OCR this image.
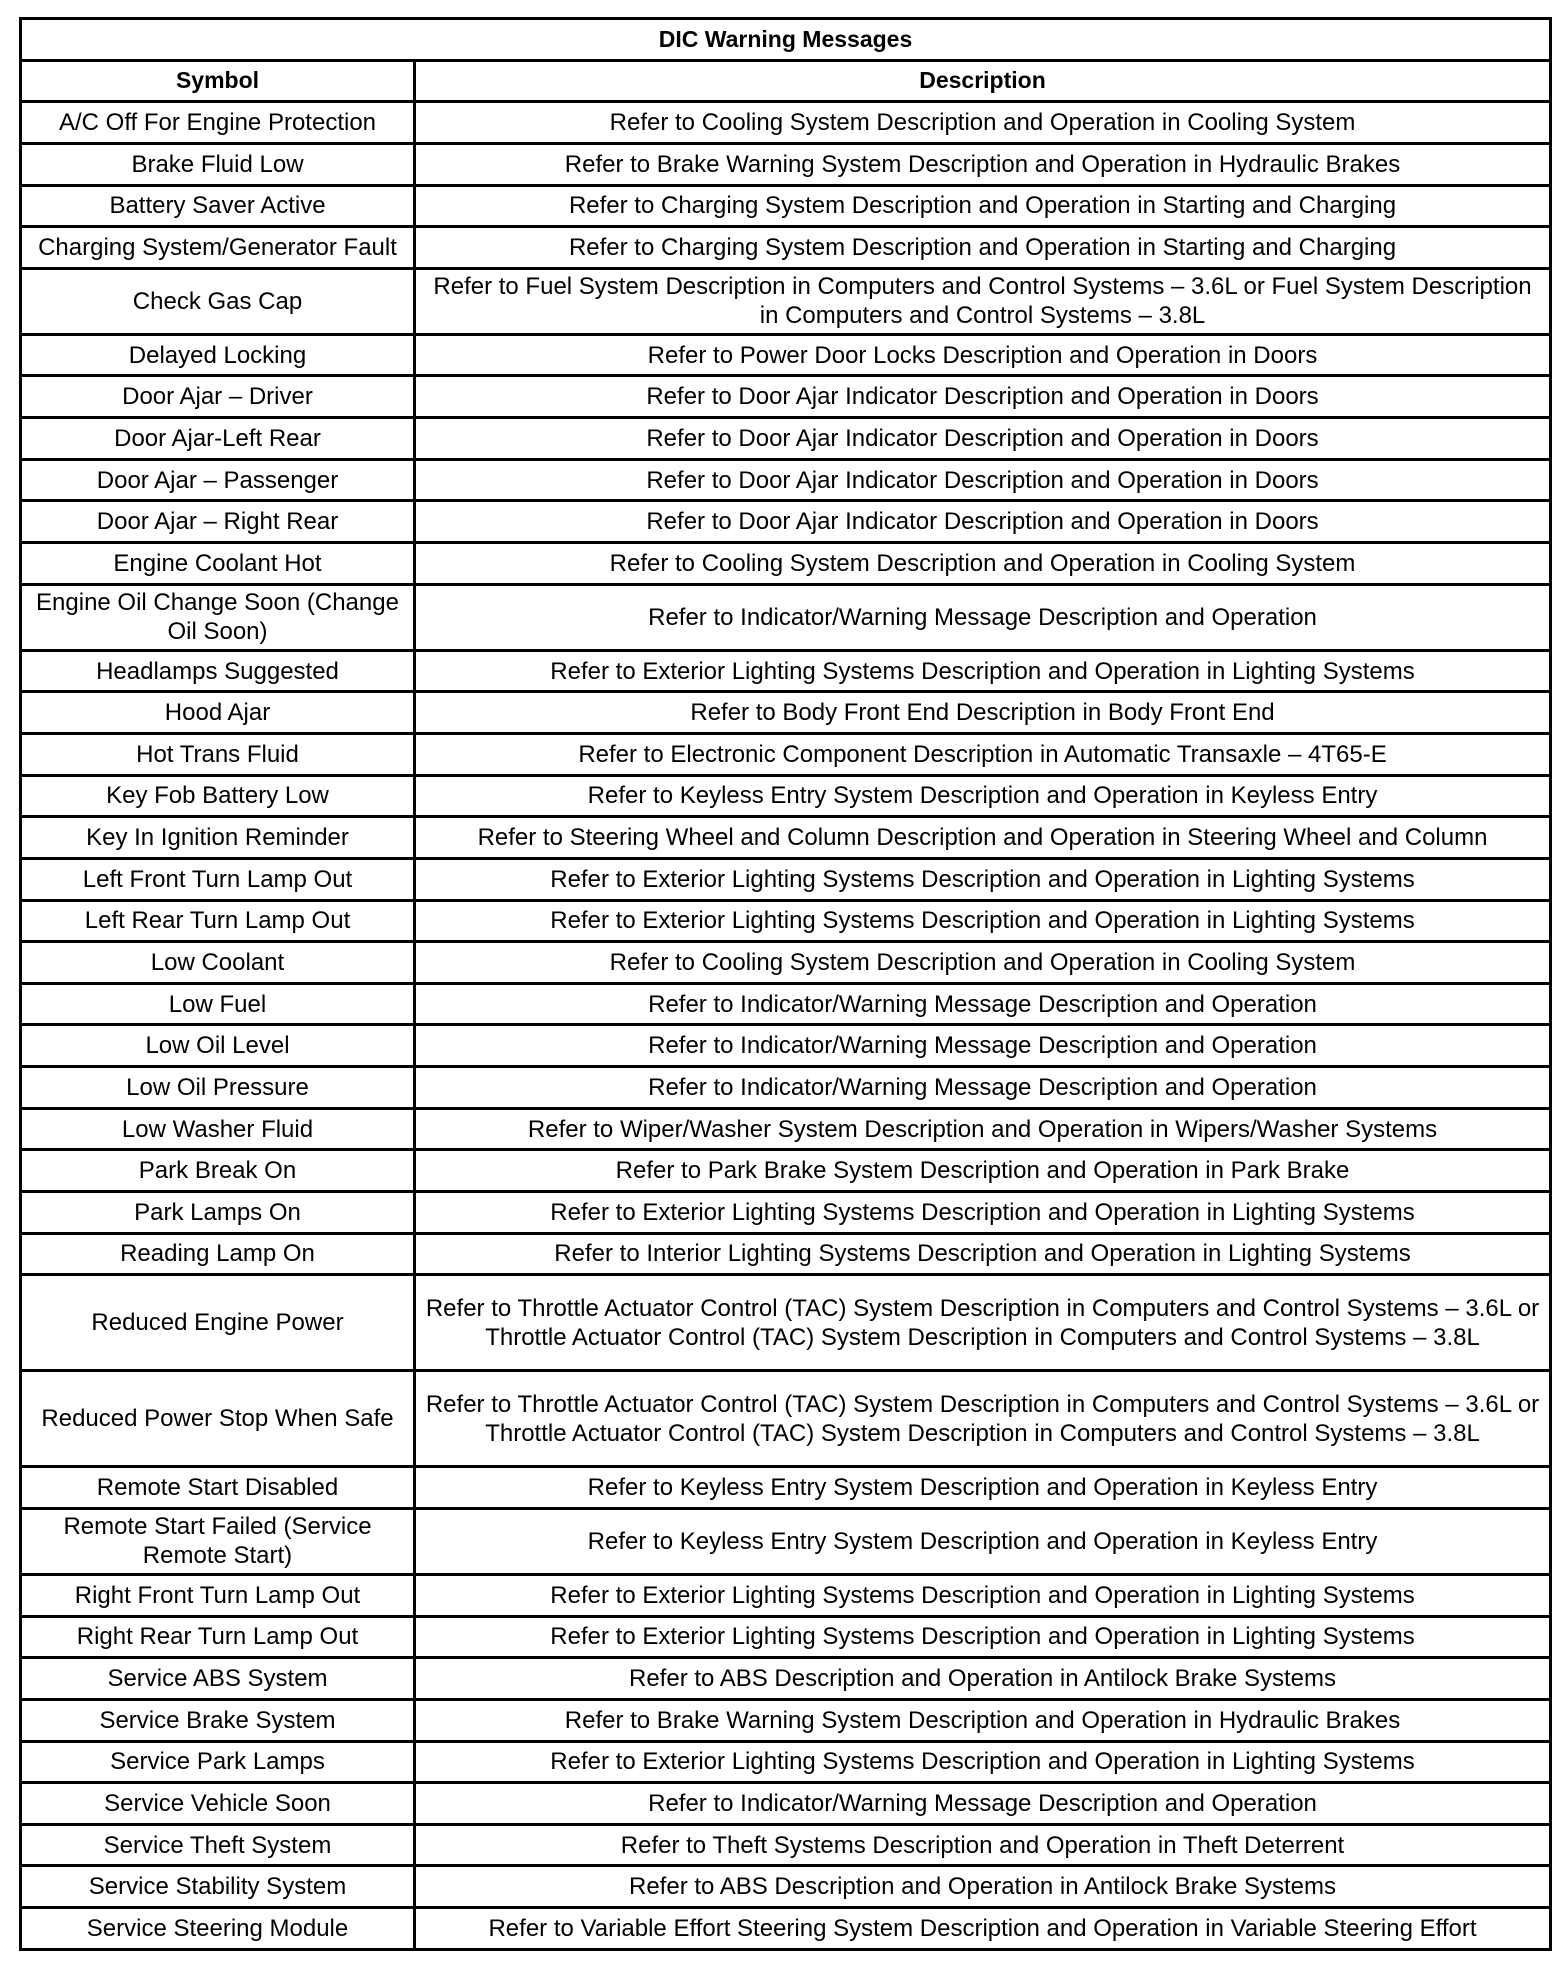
DIC Warning Messages	
Symbol	Description
A/C Off For Engine Protection	Refer to Cooling System Description and Operation in Cooling System
Brake Fluid Low	Refer to Brake Warning System Description and Operation in Hydraulic Brakes
Battery Saver Active	Refer to Charging System Description and Operation in Starting and Charging
Charging System/Generator Fault	Refer to Charging System Description and Operation in Starting and Charging
Check Gas Cap	Refer to Fuel System Description in Computers and Control Systems – 3.6L or Fuel System Description in Computers and Control Systems – 3.8L
Delayed Locking	Refer to Power Door Locks Description and Operation in Doors
Door Ajar – Driver	Refer to Door Ajar Indicator Description and Operation in Doors
Door Ajar-Left Rear	Refer to Door Ajar Indicator Description and Operation in Doors
Door Ajar – Passenger	Refer to Door Ajar Indicator Description and Operation in Doors
Door Ajar – Right Rear	Refer to Door Ajar Indicator Description and Operation in Doors
Engine Coolant Hot	Refer to Cooling System Description and Operation in Cooling System
Engine Oil Change Soon (Change Oil Soon)	Refer to Indicator/Warning Message Description and Operation
Headlamps Suggested	Refer to Exterior Lighting Systems Description and Operation in Lighting Systems
Hood Ajar	Refer to Body Front End Description in Body Front End
Hot Trans Fluid	Refer to Electronic Component Description in Automatic Transaxle – 4T65-E
Key Fob Battery Low	Refer to Keyless Entry System Description and Operation in Keyless Entry
Key In Ignition Reminder	Refer to Steering Wheel and Column Description and Operation in Steering Wheel and Column
Left Front Turn Lamp Out	Refer to Exterior Lighting Systems Description and Operation in Lighting Systems
Left Rear Turn Lamp Out	Refer to Exterior Lighting Systems Description and Operation in Lighting Systems
Low Coolant	Refer to Cooling System Description and Operation in Cooling System
Low Fuel	Refer to Indicator/Warning Message Description and Operation
Low Oil Level	Refer to Indicator/Warning Message Description and Operation
Low Oil Pressure	Refer to Indicator/Warning Message Description and Operation
Low Washer Fluid	Refer to Wiper/Washer System Description and Operation in Wipers/Washer Systems
Park Break On	Refer to Park Brake System Description and Operation in Park Brake
Park Lamps On	Refer to Exterior Lighting Systems Description and Operation in Lighting Systems
Reading Lamp On	Refer to Interior Lighting Systems Description and Operation in Lighting Systems
Reduced Engine Power	Refer to Throttle Actuator Control (TAC) System Description in Computers and Control Systems – 3.6L or Throttle Actuator Control (TAC) System Description in Computers and Control Systems – 3.8L
Reduced Power Stop When Safe	Refer to Throttle Actuator Control (TAC) System Description in Computers and Control Systems – 3.6L or Throttle Actuator Control (TAC) System Description in Computers and Control Systems – 3.8L
Remote Start Disabled	Refer to Keyless Entry System Description and Operation in Keyless Entry
Remote Start Failed (Service Remote Start)	Refer to Keyless Entry System Description and Operation in Keyless Entry
Right Front Turn Lamp Out	Refer to Exterior Lighting Systems Description and Operation in Lighting Systems
Right Rear Turn Lamp Out	Refer to Exterior Lighting Systems Description and Operation in Lighting Systems
Service ABS System	Refer to ABS Description and Operation in Antilock Brake Systems
Service Brake System	Refer to Brake Warning System Description and Operation in Hydraulic Brakes
Service Park Lamps	Refer to Exterior Lighting Systems Description and Operation in Lighting Systems
Service Vehicle Soon	Refer to Indicator/Warning Message Description and Operation
Service Theft System	Refer to Theft Systems Description and Operation in Theft Deterrent
Service Stability System	Refer to ABS Description and Operation in Antilock Brake Systems
Service Steering Module	Refer to Variable Effort Steering System Description and Operation in Variable Steering Effort
